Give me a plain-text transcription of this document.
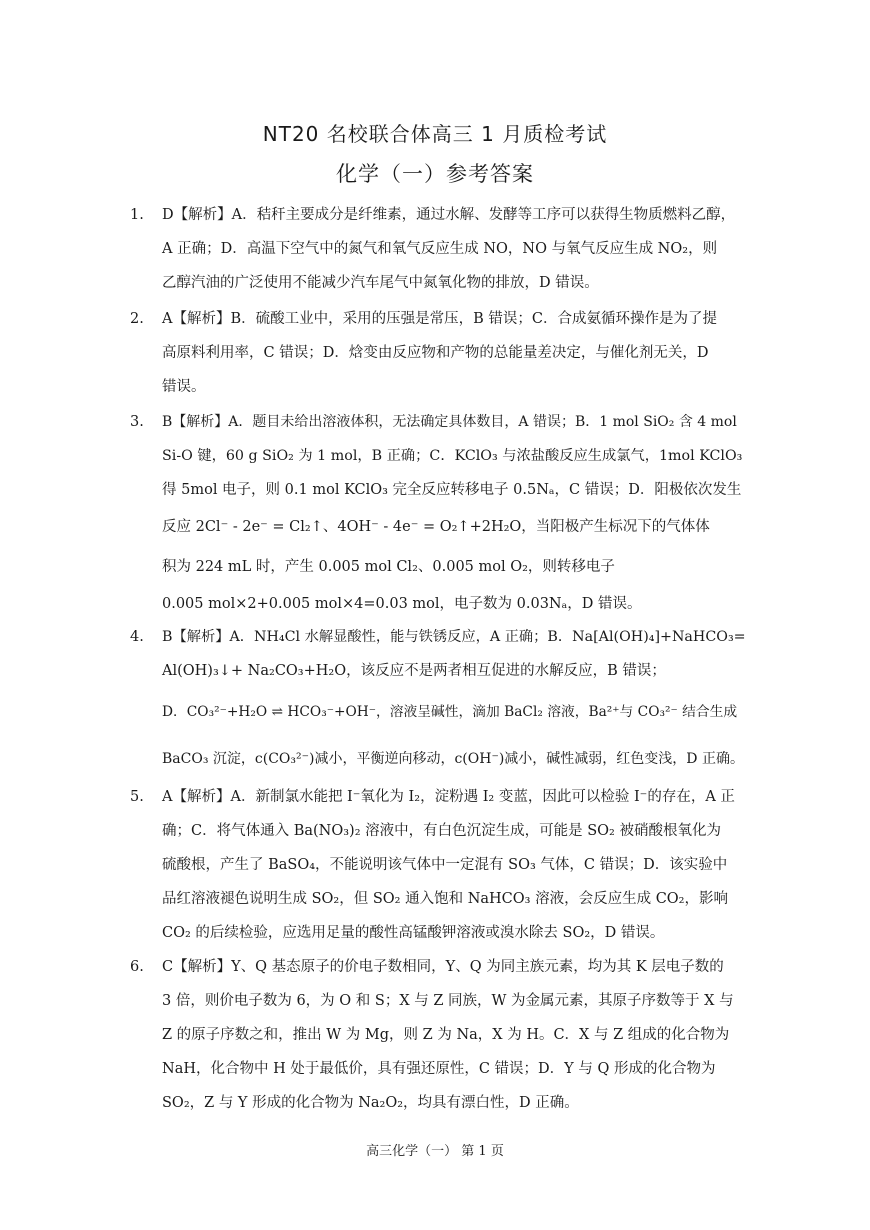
NT20 名校联合体高三 1 月质检考试
化学（一）参考答案
1.	D【解析】A．秸秆主要成分是纤维素，通过水解、发酵等工序可以获得生物质燃料乙醇，
A 正确；D．高温下空气中的氮气和氧气反应生成 NO，NO 与氧气反应生成 NO₂，则
乙醇汽油的广泛使用不能减少汽车尾气中氮氧化物的排放，D 错误。
2.	A【解析】B．硫酸工业中，采用的压强是常压，B 错误；C．合成氨循环操作是为了提
高原料利用率，C 错误；D．焓变由反应物和产物的总能量差决定，与催化剂无关，D
错误。
3.	B【解析】A．题目未给出溶液体积，无法确定具体数目，A 错误；B．1 mol SiO₂ 含 4 mol
Si-O 键，60 g SiO₂ 为 1 mol，B 正确；C．KClO₃ 与浓盐酸反应生成氯气，1mol KClO₃
得 5mol 电子，则 0.1 mol KClO₃ 完全反应转移电子 0.5Nₐ，C 错误；D．阳极依次发生
反应 2Cl⁻ - 2e⁻ = Cl₂↑、4OH⁻ - 4e⁻ = O₂↑+2H₂O，当阳极产生标况下的气体体
积为 224 mL 时，产生 0.005 mol Cl₂、0.005 mol O₂，则转移电子
0.005 mol×2+0.005 mol×4=0.03 mol，电子数为 0.03Nₐ，D 错误。
4.	B【解析】A．NH₄Cl 水解显酸性，能与铁锈反应，A 正确；B．Na[Al(OH)₄]+NaHCO₃=
Al(OH)₃↓+ Na₂CO₃+H₂O，该反应不是两者相互促进的水解反应，B 错误；
D．CO₃²⁻+H₂O ⇌ HCO₃⁻+OH⁻，溶液呈碱性，滴加 BaCl₂ 溶液，Ba²⁺与 CO₃²⁻ 结合生成
BaCO₃ 沉淀，c(CO₃²⁻)减小，平衡逆向移动，c(OH⁻)减小，碱性减弱，红色变浅，D 正确。
5.	A【解析】A．新制氯水能把 I⁻氧化为 I₂，淀粉遇 I₂ 变蓝，因此可以检验 I⁻的存在，A 正
确；C．将气体通入 Ba(NO₃)₂ 溶液中，有白色沉淀生成，可能是 SO₂ 被硝酸根氧化为
硫酸根，产生了 BaSO₄，不能说明该气体中一定混有 SO₃ 气体，C 错误；D．该实验中
品红溶液褪色说明生成 SO₂，但 SO₂ 通入饱和 NaHCO₃ 溶液，会反应生成 CO₂，影响
CO₂ 的后续检验，应选用足量的酸性高锰酸钾溶液或溴水除去 SO₂，D 错误。
6.	C【解析】Y、Q 基态原子的价电子数相同，Y、Q 为同主族元素，均为其 K 层电子数的
3 倍，则价电子数为 6，为 O 和 S；X 与 Z 同族，W 为金属元素，其原子序数等于 X 与
Z 的原子序数之和，推出 W 为 Mg，则 Z 为 Na，X 为 H。C．X 与 Z 组成的化合物为
NaH，化合物中 H 处于最低价，具有强还原性，C 错误；D．Y 与 Q 形成的化合物为
SO₂，Z 与 Y 形成的化合物为 Na₂O₂，均具有漂白性，D 正确。
高三化学（一） 第 1 页
